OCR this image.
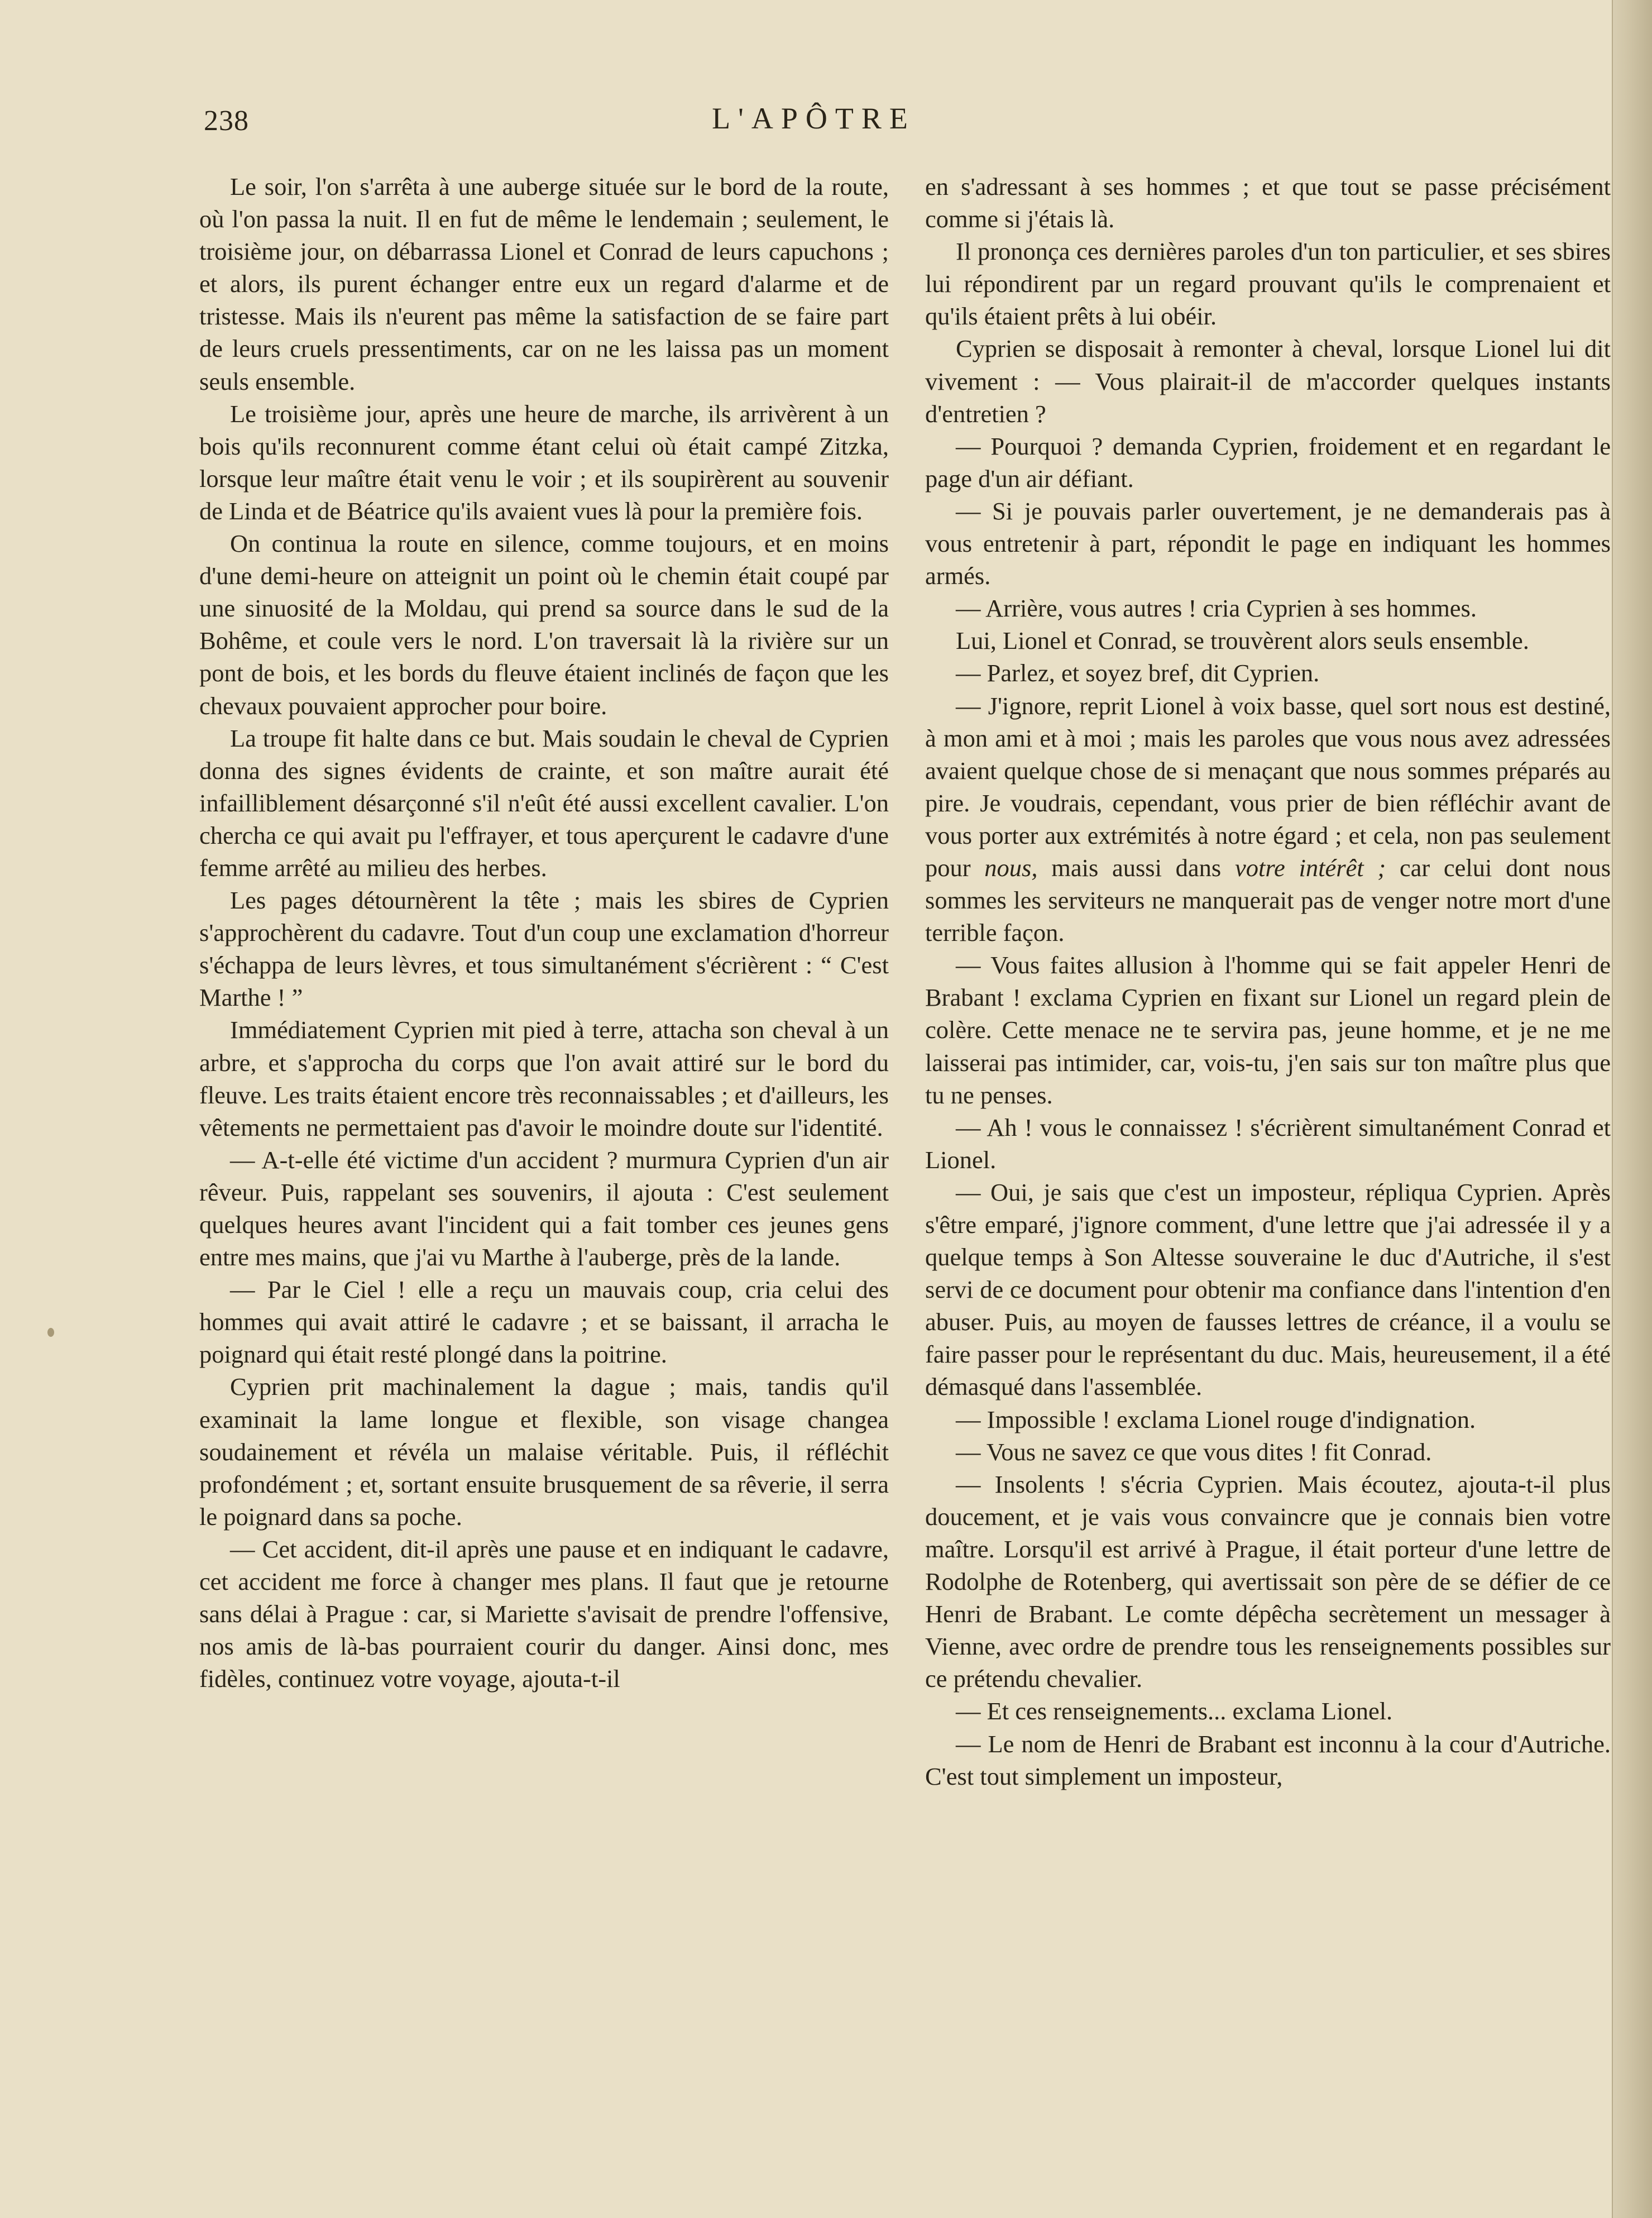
238	L'APÔTRE

Le soir, l'on s'arrêta à une auberge située sur le bord de la route, où l'on passa la nuit. Il en fut de même le lendemain ; seulement, le troisième jour, on débarrassa Lionel et Conrad de leurs capuchons ; et alors, ils purent échanger entre eux un regard d'alarme et de tristesse. Mais ils n'eurent pas même la satisfaction de se faire part de leurs cruels pressentiments, car on ne les laissa pas un moment seuls ensemble.

Le troisième jour, après une heure de marche, ils arrivèrent à un bois qu'ils reconnurent comme étant celui où était campé Zitzka, lorsque leur maître était venu le voir ; et ils soupirèrent au souvenir de Linda et de Béatrice qu'ils avaient vues là pour la première fois.

On continua la route en silence, comme toujours, et en moins d'une demi-heure on atteignit un point où le chemin était coupé par une sinuosité de la Moldau, qui prend sa source dans le sud de la Bohême, et coule vers le nord. L'on traversait là la rivière sur un pont de bois, et les bords du fleuve étaient inclinés de façon que les chevaux pouvaient approcher pour boire.

La troupe fit halte dans ce but. Mais soudain le cheval de Cyprien donna des signes évidents de crainte, et son maître aurait été infailliblement désarçonné s'il n'eût été aussi excellent cavalier. L'on chercha ce qui avait pu l'effrayer, et tous aperçurent le cadavre d'une femme arrêté au milieu des herbes.

Les pages détournèrent la tête ; mais les sbires de Cyprien s'approchèrent du cadavre. Tout d'un coup une exclamation d'horreur s'échappa de leurs lèvres, et tous simultanément s'écrièrent : “ C'est Marthe ! ”

Immédiatement Cyprien mit pied à terre, attacha son cheval à un arbre, et s'approcha du corps que l'on avait attiré sur le bord du fleuve. Les traits étaient encore très reconnaissables ; et d'ailleurs, les vêtements ne permettaient pas d'avoir le moindre doute sur l'identité.

— A-t-elle été victime d'un accident ? murmura Cyprien d'un air rêveur. Puis, rappelant ses souvenirs, il ajouta : C'est seulement quelques heures avant l'incident qui a fait tomber ces jeunes gens entre mes mains, que j'ai vu Marthe à l'auberge, près de la lande.

— Par le Ciel ! elle a reçu un mauvais coup, cria celui des hommes qui avait attiré le cadavre ; et se baissant, il arracha le poignard qui était resté plongé dans la poitrine.

Cyprien prit machinalement la dague ; mais, tandis qu'il examinait la lame longue et flexible, son visage changea soudainement et révéla un malaise véritable. Puis, il réfléchit profondément ; et, sortant ensuite brusquement de sa rêverie, il serra le poignard dans sa poche.

— Cet accident, dit-il après une pause et en indiquant le cadavre, cet accident me force à changer mes plans. Il faut que je retourne sans délai à Prague : car, si Mariette s'avisait de prendre l'offensive, nos amis de là-bas pourraient courir du danger. Ainsi donc, mes fidèles, continuez votre voyage, ajouta-t-il

en s'adressant à ses hommes ; et que tout se passe précisément comme si j'étais là.

Il prononça ces dernières paroles d'un ton particulier, et ses sbires lui répondirent par un regard prouvant qu'ils le comprenaient et qu'ils étaient prêts à lui obéir.

Cyprien se disposait à remonter à cheval, lorsque Lionel lui dit vivement : — Vous plairait-il de m'accorder quelques instants d'entretien ?

— Pourquoi ? demanda Cyprien, froidement et en regardant le page d'un air défiant.

— Si je pouvais parler ouvertement, je ne demanderais pas à vous entretenir à part, répondit le page en indiquant les hommes armés.

— Arrière, vous autres ! cria Cyprien à ses hommes.

Lui, Lionel et Conrad, se trouvèrent alors seuls ensemble.

— Parlez, et soyez bref, dit Cyprien.

— J'ignore, reprit Lionel à voix basse, quel sort nous est destiné, à mon ami et à moi ; mais les paroles que vous nous avez adressées avaient quelque chose de si menaçant que nous sommes préparés au pire. Je voudrais, cependant, vous prier de bien réfléchir avant de vous porter aux extrémités à notre égard ; et cela, non pas seulement pour nous, mais aussi dans votre intérêt ; car celui dont nous sommes les serviteurs ne manquerait pas de venger notre mort d'une terrible façon.

— Vous faites allusion à l'homme qui se fait appeler Henri de Brabant ! exclama Cyprien en fixant sur Lionel un regard plein de colère. Cette menace ne te servira pas, jeune homme, et je ne me laisserai pas intimider, car, vois-tu, j'en sais sur ton maître plus que tu ne penses.

— Ah ! vous le connaissez ! s'écrièrent simultanément Conrad et Lionel.

— Oui, je sais que c'est un imposteur, répliqua Cyprien. Après s'être emparé, j'ignore comment, d'une lettre que j'ai adressée il y a quelque temps à Son Altesse souveraine le duc d'Autriche, il s'est servi de ce document pour obtenir ma confiance dans l'intention d'en abuser. Puis, au moyen de fausses lettres de créance, il a voulu se faire passer pour le représentant du duc. Mais, heureusement, il a été démasqué dans l'assemblée.

— Impossible ! exclama Lionel rouge d'indignation.

— Vous ne savez ce que vous dites ! fit Conrad.

— Insolents ! s'écria Cyprien. Mais écoutez, ajouta-t-il plus doucement, et je vais vous convaincre que je connais bien votre maître. Lorsqu'il est arrivé à Prague, il était porteur d'une lettre de Rodolphe de Rotenberg, qui avertissait son père de se défier de ce Henri de Brabant. Le comte dépêcha secrètement un messager à Vienne, avec ordre de prendre tous les renseignements possibles sur ce prétendu chevalier.

— Et ces renseignements... exclama Lionel.

— Le nom de Henri de Brabant est inconnu à la cour d'Autriche. C'est tout simplement un imposteur,
